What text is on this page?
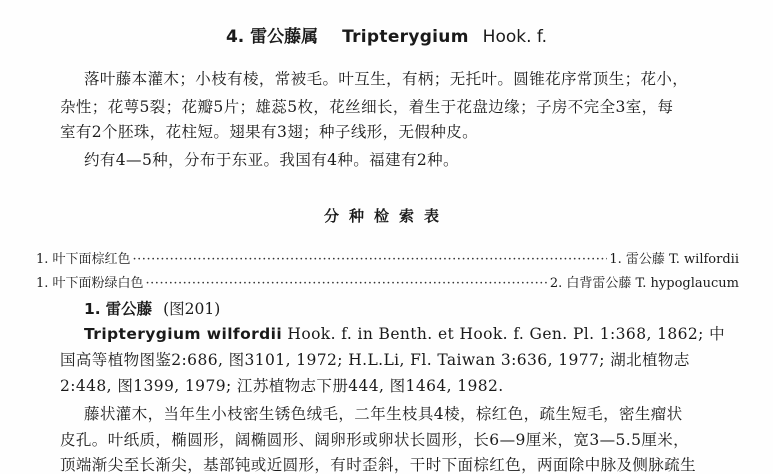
4. 雷公藤属 Tripterygium Hook. f.
落叶藤本灌木；小枝有棱，常被毛。叶互生，有柄；无托叶。圆锥花序常顶生；花小，
杂性；花萼5裂；花瓣5片；雄蕊5枚，花丝细长，着生于花盘边缘；子房不完全3室，每
室有2个胚珠，花柱短。翅果有3翅；种子线形，无假种皮。
约有4—5种，分布于东亚。我国有4种。福建有2种。
分种检索表
1. 叶下面棕红色 ·····	1. 雷公藤 T. wilfordii
1. 叶下面粉绿白色 ·····	2. 白背雷公藤 T. hypoglaucum
1. 雷公藤 (图201)
Tripterygium wilfordii Hook. f. in Benth. et Hook. f. Gen. Pl. 1:368, 1862; 中
国高等植物图鉴2:686, 图3101, 1972; H.L.Li, Fl. Taiwan 3:636, 1977; 湖北植物志
2:448, 图1399, 1979; 江苏植物志下册444, 图1464, 1982.
藤状灌木，当年生小枝密生锈色绒毛，二年生枝具4棱，棕红色，疏生短毛，密生瘤状
皮孔。叶纸质，椭圆形，阔椭圆形、阔卵形或卵状长圆形，长6—9厘米，宽3—5.5厘米，
顶端渐尖至长渐尖，基部钝或近圆形，有时歪斜，干时下面棕红色，两面除中脉及侧脉疏生
